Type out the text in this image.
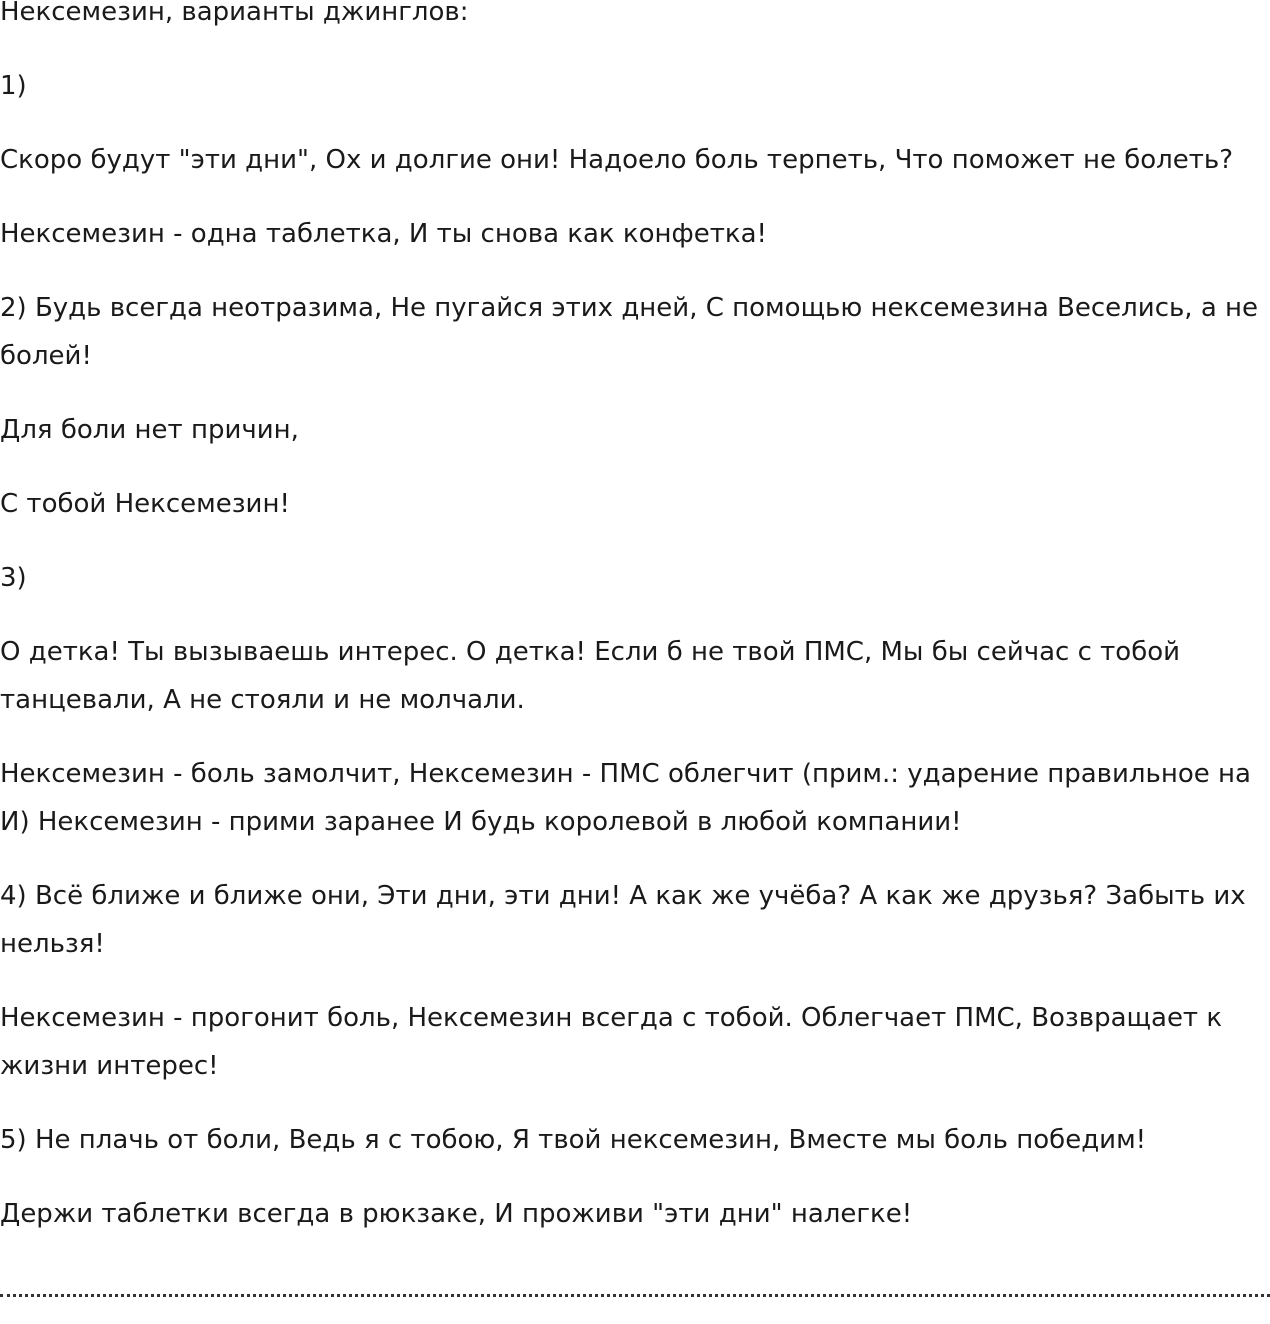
Нексемезин, варианты джинглов:

1)

Скоро будут "эти дни", Ох и долгие они! Надоело боль терпеть, Что поможет не болеть?

Нексемезин - одна таблетка, И ты снова как конфетка!

2) Будь всегда неотразима, Не пугайся этих дней, С помощью нексемезина Веселись, а не болей!

Для боли нет причин,

С тобой Нексемезин!

3)

О детка! Ты вызываешь интерес. О детка! Если б не твой ПМС, Мы бы сейчас с тобой танцевали, А не стояли и не молчали.

Нексемезин - боль замолчит, Нексемезин - ПМС облегчит (прим.: ударение правильное на И) Нексемезин - прими заранее И будь королевой в любой компании!

4) Всё ближе и ближе они, Эти дни, эти дни! А как же учёба? А как же друзья? Забыть их нельзя!

Нексемезин - прогонит боль, Нексемезин всегда с тобой. Облегчает ПМС, Возвращает к жизни интерес!

5) Не плачь от боли, Ведь я с тобою, Я твой нексемезин, Вместе мы боль победим!

Держи таблетки всегда в рюкзаке, И проживи "эти дни" налегке!
